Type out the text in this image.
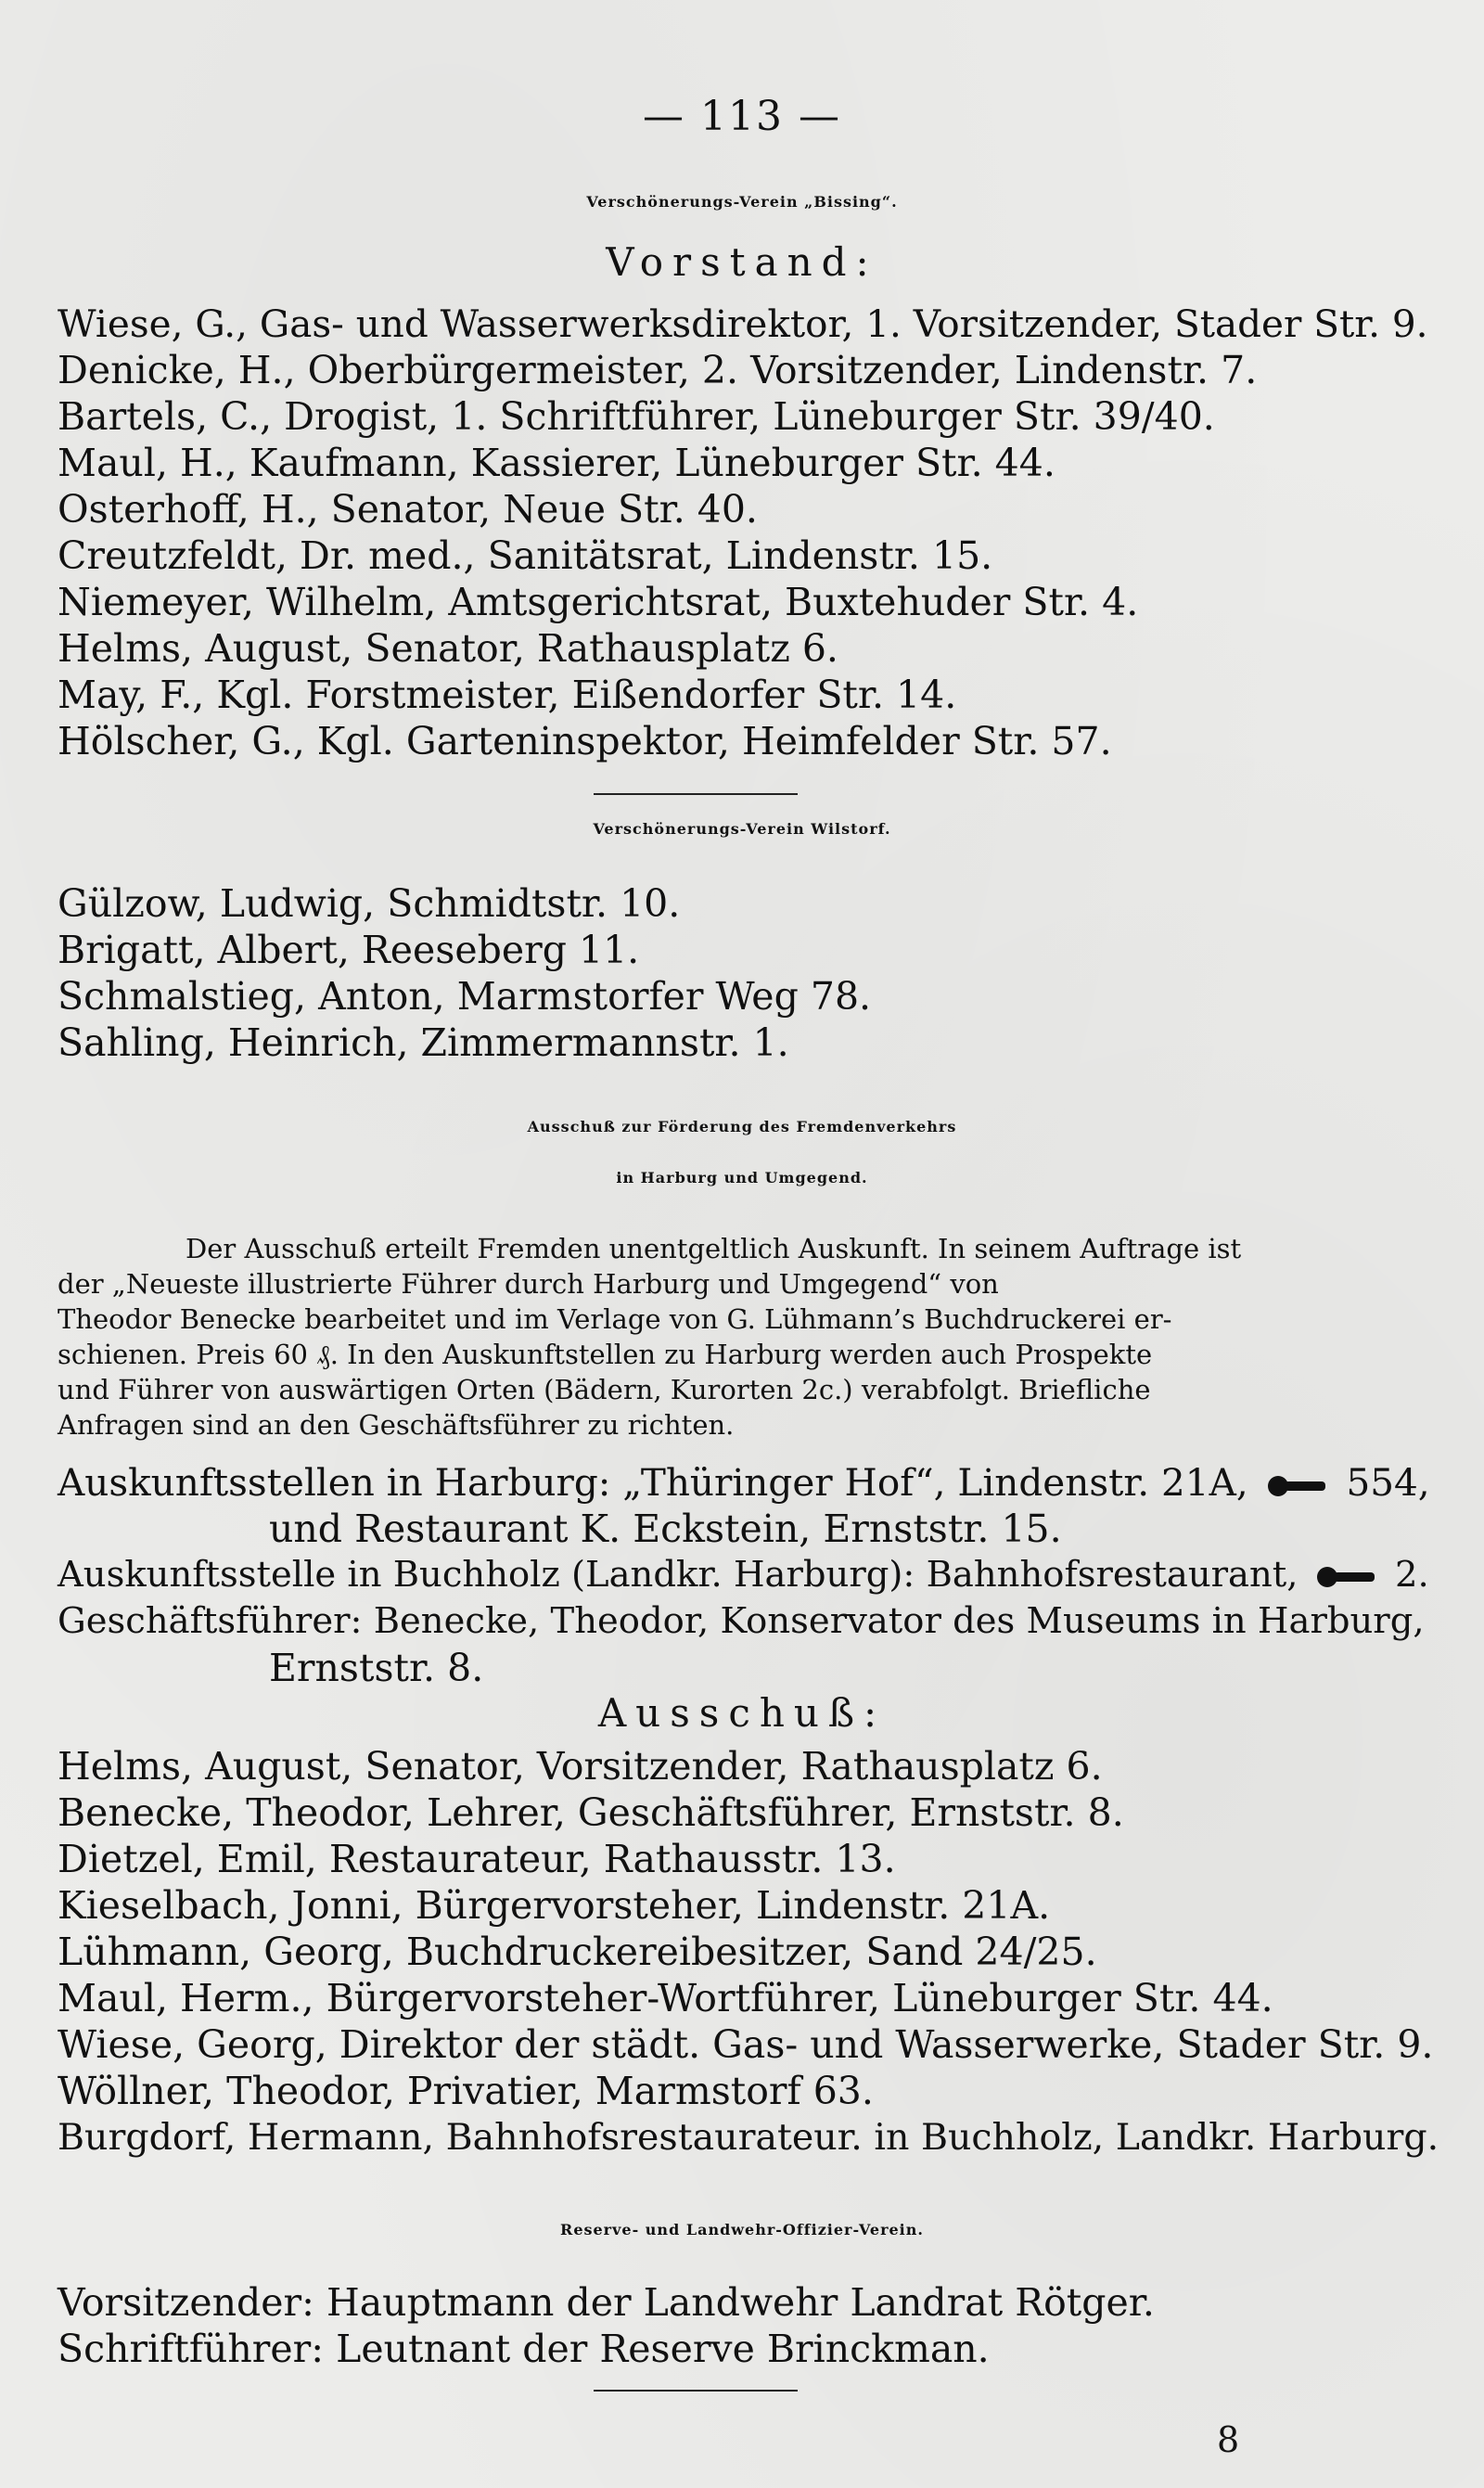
— 113 —
Verschönerungs-Verein „Bissing“.
Vorstand:
Wiese, G., Gas- und Wasserwerksdirektor, 1. Vorsitzender, Stader Str. 9.
Denicke, H., Oberbürgermeister, 2. Vorsitzender, Lindenstr. 7.
Bartels, C., Drogist, 1. Schriftführer, Lüneburger Str. 39/40.
Maul, H., Kaufmann, Kassierer, Lüneburger Str. 44.
Osterhoff, H., Senator, Neue Str. 40.
Creutzfeldt, Dr. med., Sanitätsrat, Lindenstr. 15.
Niemeyer, Wilhelm, Amtsgerichtsrat, Buxtehuder Str. 4.
Helms, August, Senator, Rathausplatz 6.
May, F., Kgl. Forstmeister, Eißendorfer Str. 14.
Hölscher, G., Kgl. Garteninspektor, Heimfelder Str. 57.
Verschönerungs-Verein Wilstorf.
Gülzow, Ludwig, Schmidtstr. 10.
Brigatt, Albert, Reeseberg 11.
Schmalstieg, Anton, Marmstorfer Weg 78.
Sahling, Heinrich, Zimmermannstr. 1.
Ausschuß zur Förderung des Fremdenverkehrs
in Harburg und Umgegend.
Der Ausschuß erteilt Fremden unentgeltlich Auskunft. In seinem Auftrage ist
der „Neueste illustrierte Führer durch Harburg und Umgegend“ von
Theodor Benecke bearbeitet und im Verlage von G. Lühmann’s Buchdruckerei er-
schienen. Preis 60 ₰. In den Auskunftstellen zu Harburg werden auch Prospekte
und Führer von auswärtigen Orten (Bädern, Kurorten 2c.) verabfolgt. Briefliche
Anfragen sind an den Geschäftsführer zu richten.
Auskunftsstellen in Harburg: „Thüringer Hof“, Lindenstr. 21A,	554,
und Restaurant K. Eckstein, Ernststr. 15.
Auskunftsstelle in Buchholz (Landkr. Harburg): Bahnhofsrestaurant,	2.
Geschäftsführer: Benecke, Theodor, Konservator des Museums in Harburg,
Ernststr. 8.
Ausschuß:
Helms, August, Senator, Vorsitzender, Rathausplatz 6.
Benecke, Theodor, Lehrer, Geschäftsführer, Ernststr. 8.
Dietzel, Emil, Restaurateur, Rathausstr. 13.
Kieselbach, Jonni, Bürgervorsteher, Lindenstr. 21A.
Lühmann, Georg, Buchdruckereibesitzer, Sand 24/25.
Maul, Herm., Bürgervorsteher-Wortführer, Lüneburger Str. 44.
Wiese, Georg, Direktor der städt. Gas- und Wasserwerke, Stader Str. 9.
Wöllner, Theodor, Privatier, Marmstorf 63.
Burgdorf, Hermann, Bahnhofsrestaurateur. in Buchholz, Landkr. Harburg.
Reserve- und Landwehr-Offizier-Verein.
Vorsitzender: Hauptmann der Landwehr Landrat Rötger.
Schriftführer: Leutnant der Reserve Brinckman.
8
